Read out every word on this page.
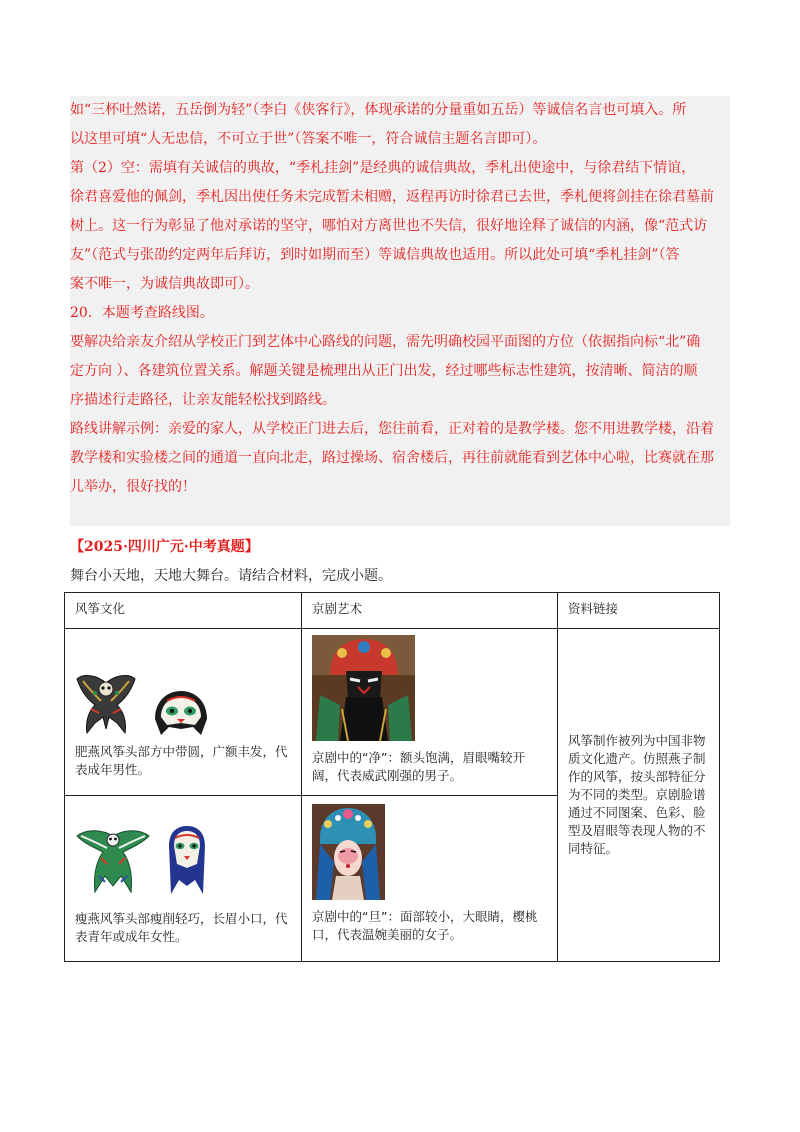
如“三杯吐然诺，五岳倒为轻”（李白《侠客行》，体现承诺的分量重如五岳）等诚信名言也可填入。所

以这里可填“人无忠信，不可立于世”（答案不唯一，符合诚信主题名言即可）。

第（2）空：需填有关诚信的典故，“季札挂剑”是经典的诚信典故，季札出使途中，与徐君结下情谊，

徐君喜爱他的佩剑，季札因出使任务未完成暂未相赠，返程再访时徐君已去世，季札便将剑挂在徐君墓前

树上。这一行为彰显了他对承诺的坚守，哪怕对方离世也不失信，很好地诠释了诚信的内涵，像“范式访

友”（范式与张劭约定两年后拜访，到时如期而至）等诚信典故也适用。所以此处可填“季札挂剑”（答

案不唯一，为诚信典故即可）。

20．本题考查路线图。

要解决给亲友介绍从学校正门到艺体中心路线的问题，需先明确校园平面图的方位（依据指向标“北”确

定方向 ）、各建筑位置关系。解题关键是梳理出从正门出发，经过哪些标志性建筑，按清晰、简洁的顺

序描述行走路径，让亲友能轻松找到路线。

路线讲解示例：亲爱的家人，从学校正门进去后，您往前看，正对着的是教学楼。您不用进教学楼，沿着

教学楼和实验楼之间的通道一直向北走，路过操场、宿舍楼后，再往前就能看到艺体中心啦，比赛就在那

儿举办，很好找的！

【2025·四川广元·中考真题】
舞台小天地，天地大舞台。请结合材料，完成小题。
风筝文化	京剧艺术	资料链接

肥燕风筝头部方中带圆，广额丰发，代表成年男性。	京剧中的“净”：额头饱满，眉眼嘴较开阔，代表威武刚强的男子。	风筝制作被列为中国非物质文化遗产。仿照燕子制作的风筝，按头部特征分为不同的类型。京剧脸谱通过不同图案、色彩、脸型及眉眼等表现人物的不同特征。

瘦燕风筝头部瘦削轻巧，长眉小口，代表青年或成年女性。	京剧中的“旦”：面部较小，大眼睛，樱桃口，代表温婉美丽的女子。	
